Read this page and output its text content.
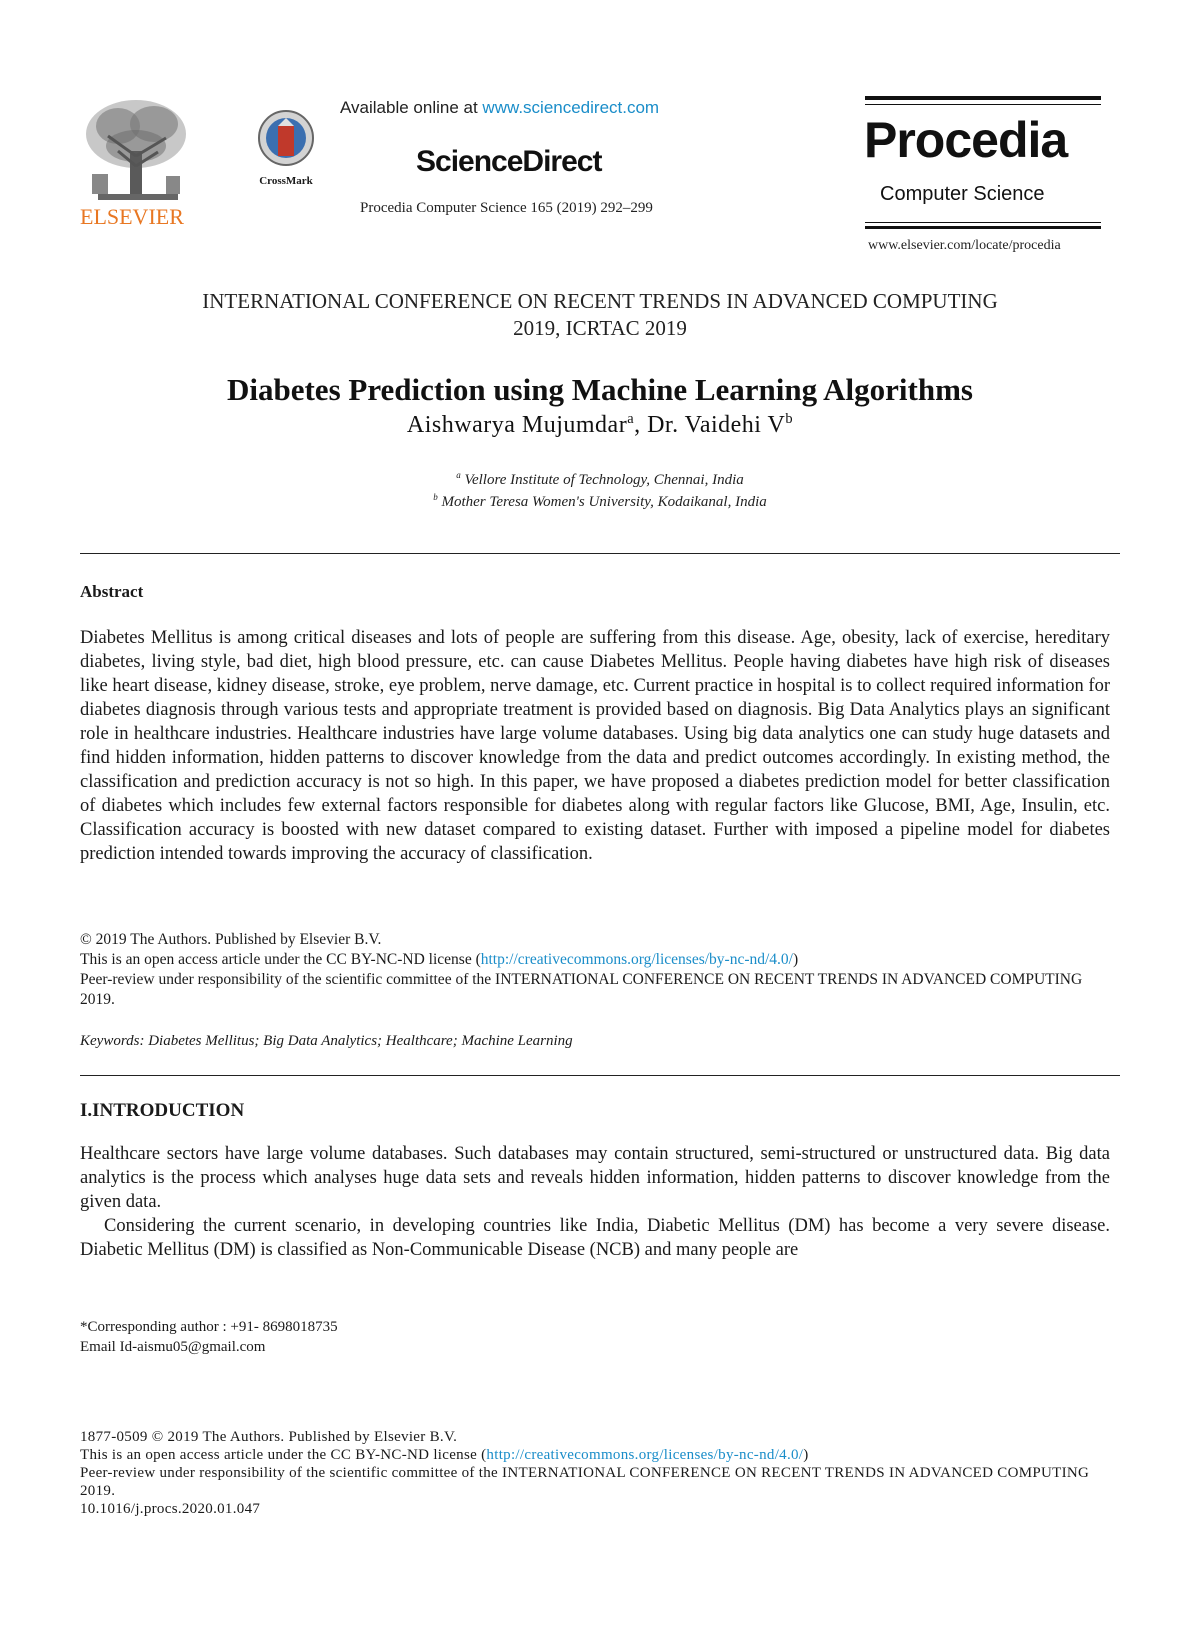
ELSEVIER
CrossMark
Available online at www.sciencedirect.com
ScienceDirect
Procedia Computer Science 165 (2019) 292–299
Procedia
Computer Science
www.elsevier.com/locate/procedia
INTERNATIONAL CONFERENCE ON RECENT TRENDS IN ADVANCED COMPUTING
2019, ICRTAC 2019
Diabetes Prediction using Machine Learning Algorithms
Aishwarya Mujumdar$^a$, Dr. Vaidehi $V^b$
$^a$ Vellore Institute of Technology, Chennai, India
$^b$ Mother Teresa Women's University, Kodaikanal, India
Abstract
Diabetes Mellitus is among critical diseases and lots of people are suffering from this disease. Age, obesity, lack of exercise, hereditary diabetes, living style, bad diet, high blood pressure, etc. can cause Diabetes Mellitus. People having diabetes have high risk of diseases like heart disease, kidney disease, stroke, eye problem, nerve damage, etc. Current practice in hospital is to collect required information for diabetes diagnosis through various tests and appropriate treatment is provided based on diagnosis. Big Data Analytics plays an significant role in healthcare industries. Healthcare industries have large volume databases. Using big data analytics one can study huge datasets and find hidden information, hidden patterns to discover knowledge from the data and predict outcomes accordingly. In existing method, the classification and prediction accuracy is not so high. In this paper, we have proposed a diabetes prediction model for better classification of diabetes which includes few external factors responsible for diabetes along with regular factors like Glucose, BMI, Age, Insulin, etc. Classification accuracy is boosted with new dataset compared to existing dataset. Further with imposed a pipeline model for diabetes prediction intended towards improving the accuracy of classification.
© 2019 The Authors. Published by Elsevier B.V.
This is an open access article under the CC BY-NC-ND license (http://creativecommons.org/licenses/by-nc-nd/4.0/)
Peer-review under responsibility of the scientific committee of the INTERNATIONAL CONFERENCE ON RECENT TRENDS IN ADVANCED COMPUTING 2019.
Keywords: Diabetes Mellitus; Big Data Analytics; Healthcare; Machine Learning
I.INTRODUCTION

Healthcare sectors have large volume databases. Such databases may contain structured, semi-structured or unstructured data. Big data analytics is the process which analyses huge data sets and reveals hidden information, hidden patterns to discover knowledge from the given data.

Considering the current scenario, in developing countries like India, Diabetic Mellitus (DM) has become a very severe disease. Diabetic Mellitus (DM) is classified as Non-Communicable Disease (NCB) and many people are

*Corresponding author : +91- 8698018735
Email Id-aismu05@gmail.com
1877-0509 © 2019 The Authors. Published by Elsevier B.V.
This is an open access article under the CC BY-NC-ND license (http://creativecommons.org/licenses/by-nc-nd/4.0/)
Peer-review under responsibility of the scientific committee of the INTERNATIONAL CONFERENCE ON RECENT TRENDS IN ADVANCED COMPUTING 2019.
10.1016/j.procs.2020.01.047
